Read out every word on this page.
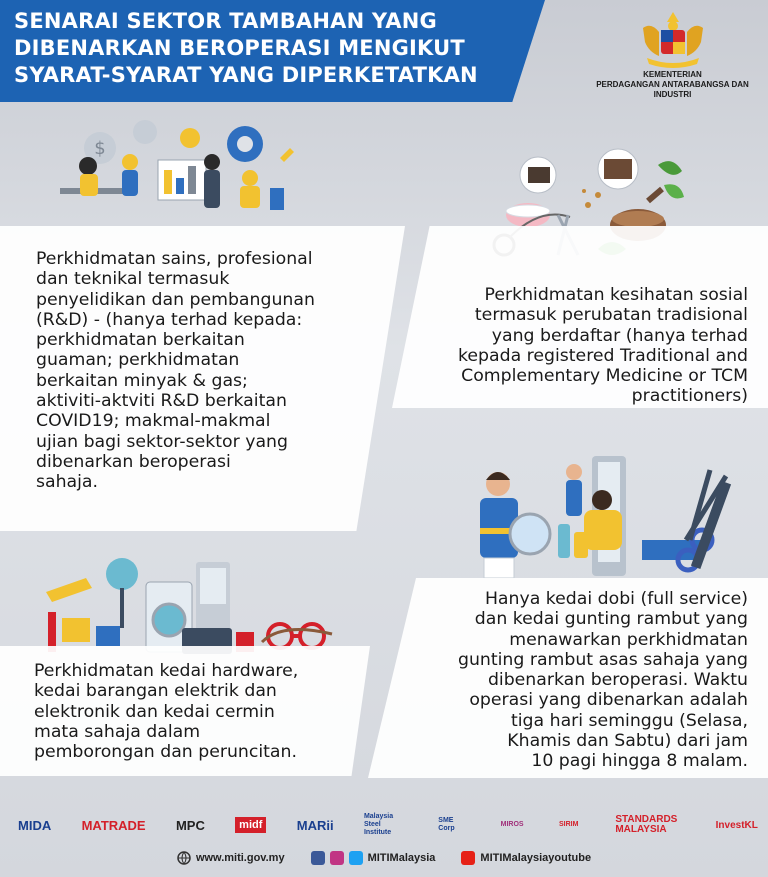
SENARAI SEKTOR TAMBAHAN YANG
DIBENARKAN BEROPERASI MENGIKUT
SYARAT-SYARAT YANG DIPERKETATKAN	KEMENTERIAN
PERDAGANGAN ANTARABANGSA DAN INDUSTRI
$
Perkhidmatan sains, profesional
dan teknikal termasuk
penyelidikan dan pembangunan
(R&D) - (hanya terhad kepada:
perkhidmatan berkaitan
guaman; perkhidmatan
berkaitan minyak & gas;
aktiviti-aktviti R&D berkaitan
COVID19; makmal-makmal
ujian bagi sektor-sektor yang
dibenarkan beroperasi
sahaja.
Perkhidmatan kesihatan sosial
termasuk perubatan tradisional
yang berdaftar (hanya terhad
kepada registered Traditional and
Complementary Medicine or TCM
practitioners)
Perkhidmatan kedai hardware,
kedai barangan elektrik dan
elektronik dan kedai cermin
mata sahaja dalam
pemborongan dan peruncitan.
Hanya kedai dobi (full service)
dan kedai gunting rambut yang
menawarkan perkhidmatan
gunting rambut asas sahaja yang
dibenarkan beroperasi. Waktu
operasi yang dibenarkan adalah
tiga hari seminggu (Selasa,
Khamis dan Sabtu) dari jam
10 pagi hingga 8 malam.
MIDA MATRADE MPC	midf	MARii
Malaysia Steel Institute
SME Corp
MIROS	SIRIM	STANDARDS MALAYSIA	InvestKL
www.miti.gov.my	MITIMalaysia	MITIMalaysiayoutube
